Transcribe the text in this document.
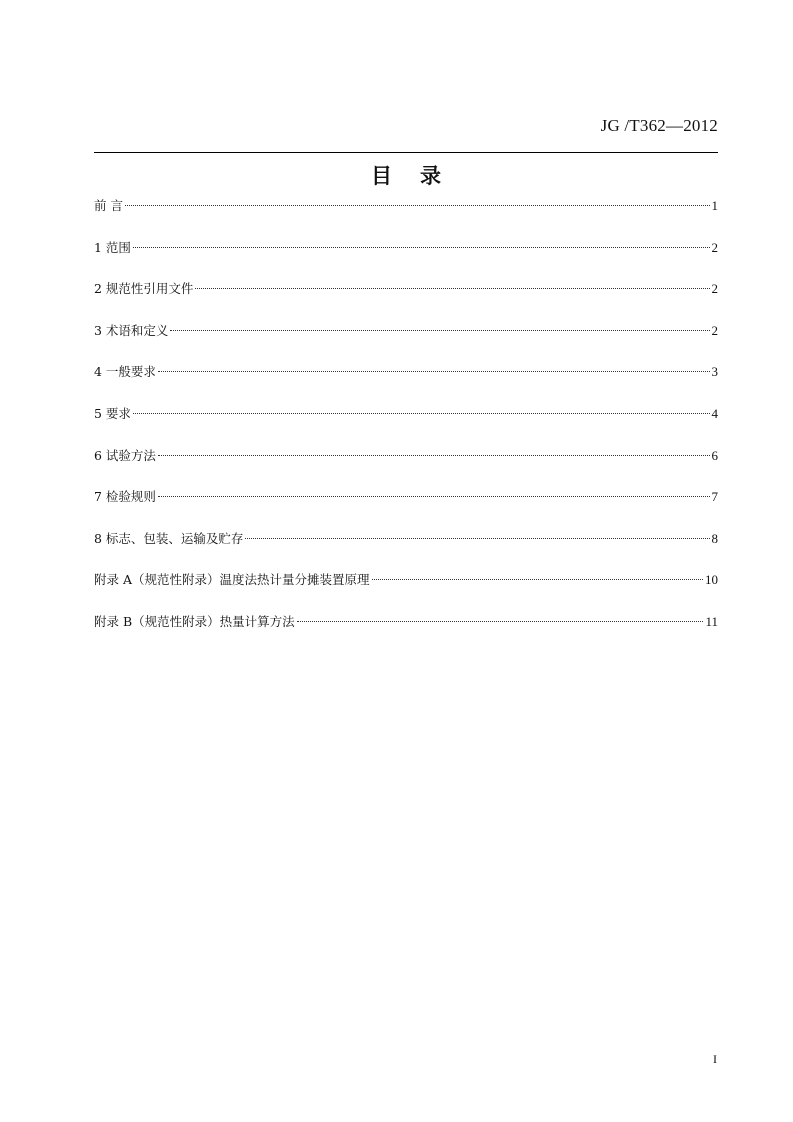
JG /T362—2012
目录
前 言	1
1 范围	2
2 规范性引用文件	2
3 术语和定义	2
4 一般要求	3
5 要求	4
6 试验方法	6
7 检验规则	7
8 标志、包装、运输及贮存	8
附录 A（规范性附录）温度法热计量分摊装置原理	10
附录 B（规范性附录）热量计算方法	11
I
